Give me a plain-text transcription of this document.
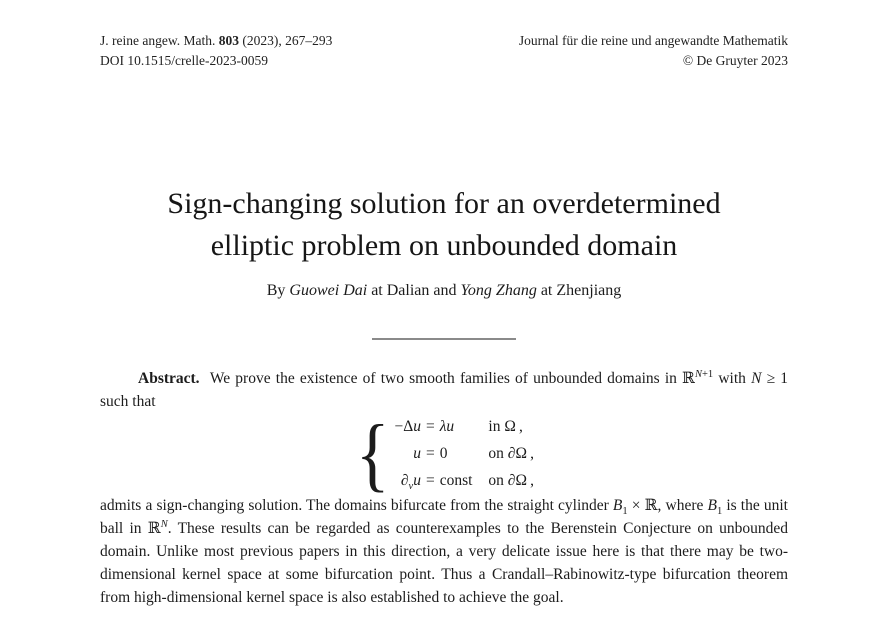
J. reine angew. Math. 803 (2023), 267–293
DOI 10.1515/crelle-2023-0059
Journal für die reine und angewandte Mathematik
© De Gruyter 2023
Sign-changing solution for an overdetermined
elliptic problem on unbounded domain
By Guowei Dai at Dalian and Yong Zhang at Zhenjiang

Abstract.  We prove the existence of two smooth families of unbounded domains in ℝ$^{N+1}$ with N ≥ 1 such that

{ −Δu = λu	in Ω ,
u = 0	on ∂Ω ,
$\partial_\nu u$ = const	on ∂Ω ,

admits a sign-changing solution. The domains bifurcate from the straight cylinder $B_1$ × ℝ, where $B_1$ is the unit ball in ℝ$^N$. These results can be regarded as counterexamples to the Berenstein Conjecture on unbounded domain. Unlike most previous papers in this direction, a very delicate issue here is that there may be two-dimensional kernel space at some bifurcation point. Thus a Crandall–Rabinowitz-type bifurcation theorem from high-dimensional kernel space is also established to achieve the goal.
